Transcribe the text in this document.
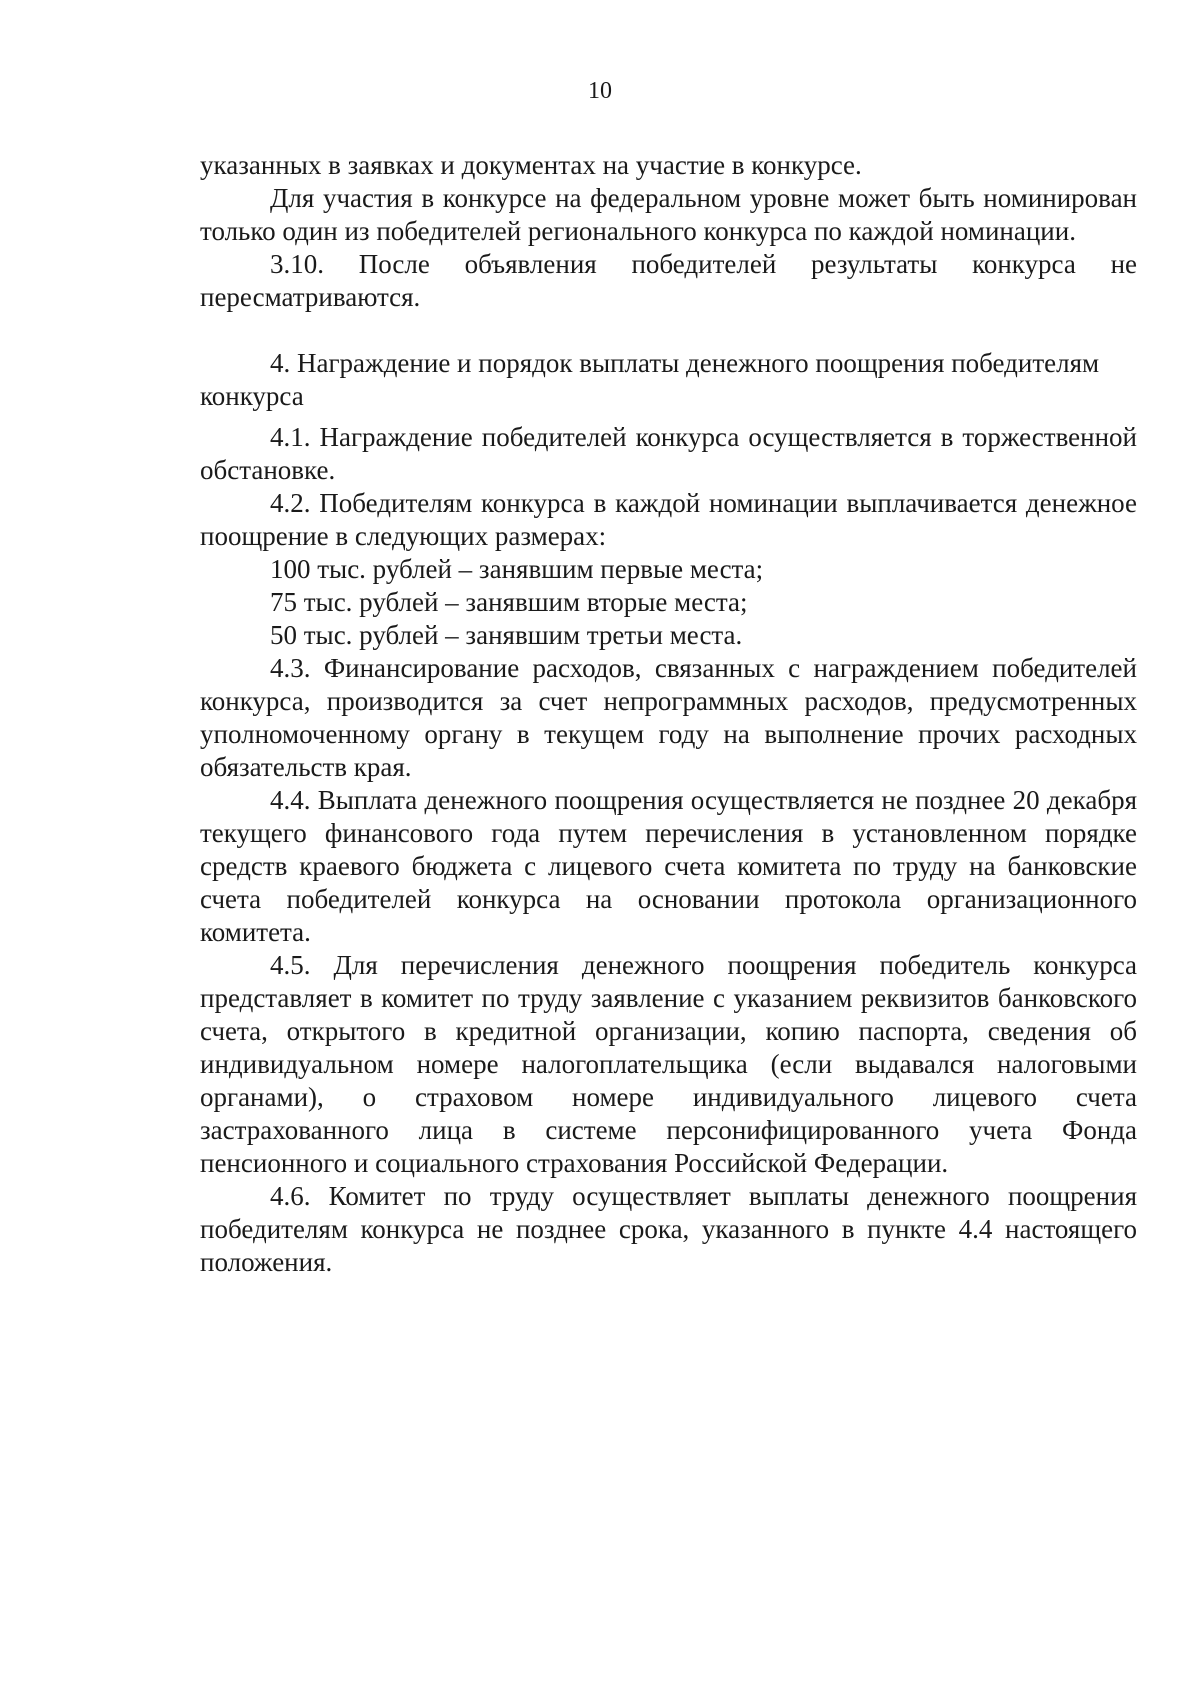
10

указанных в заявках и документах на участие в конкурсе.

Для участия в конкурсе на федеральном уровне может быть номинирован только один из победителей регионального конкурса по каждой номинации.

3.10. После объявления победителей результаты конкурса не пересматриваются.

4. Награждение и порядок выплаты денежного поощрения победителям конкурса

4.1. Награждение победителей конкурса осуществляется в торжественной обстановке.

4.2. Победителям конкурса в каждой номинации выплачивается денежное поощрение в следующих размерах:

100 тыс. рублей – занявшим первые места;

75 тыс. рублей – занявшим вторые места;

50 тыс. рублей – занявшим третьи места.

4.3. Финансирование расходов, связанных с награждением победителей конкурса, производится за счет непрограммных расходов, предусмотренных уполномоченному органу в текущем году на выполнение прочих расходных обязательств края.

4.4. Выплата денежного поощрения осуществляется не позднее 20 декабря текущего финансового года путем перечисления в установленном порядке средств краевого бюджета с лицевого счета комитета по труду на банковские счета победителей конкурса на основании протокола организационного комитета.

4.5. Для перечисления денежного поощрения победитель конкурса представляет в комитет по труду заявление с указанием реквизитов банковского счета, открытого в кредитной организации, копию паспорта, сведения об индивидуальном номере налогоплательщика (если выдавался налоговыми органами), о страховом номере индивидуального лицевого счета застрахованного лица в системе персонифицированного учета Фонда пенсионного и социального страхования Российской Федерации.

4.6. Комитет по труду осуществляет выплаты денежного поощрения победителям конкурса не позднее срока, указанного в пункте 4.4 настоящего положения.
